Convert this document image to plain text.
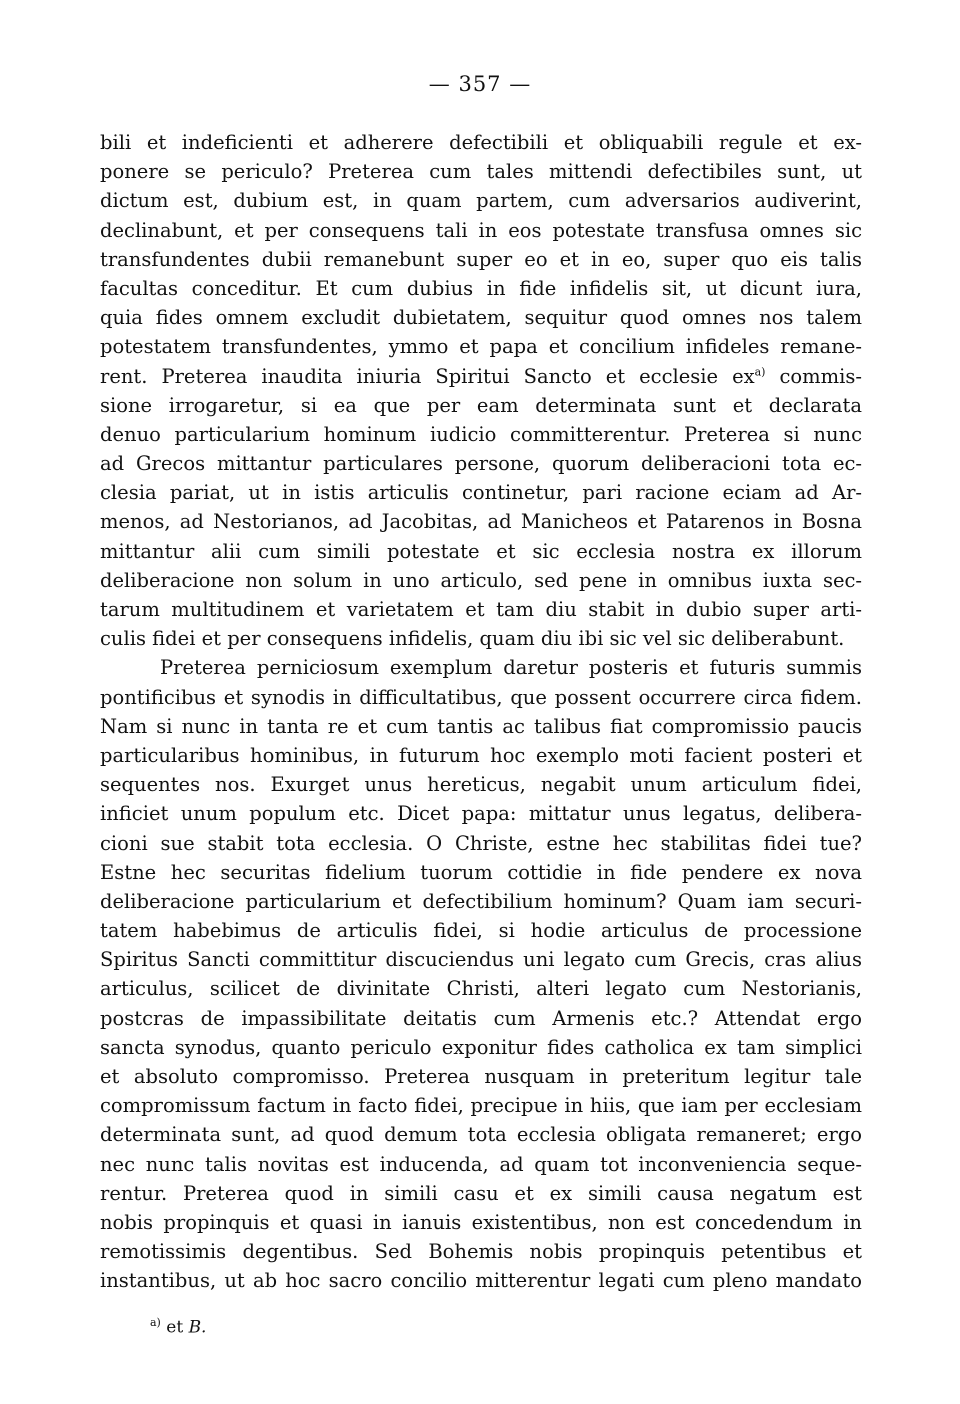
— 357 —
bili et indeficienti et adherere defectibili et obliquabili regule et ex-
ponere se periculo? Preterea cum tales mittendi defectibiles sunt, ut
dictum est, dubium est, in quam partem, cum adversarios audiverint,
declinabunt, et per consequens tali in eos potestate transfusa omnes sic
transfundentes dubii remanebunt super eo et in eo, super quo eis talis
facultas conceditur. Et cum dubius in fide infidelis sit, ut dicunt iura,
quia fides omnem excludit dubietatem, sequitur quod omnes nos talem
potestatem transfundentes, ymmo et papa et concilium infideles remane-
rent. Preterea inaudita iniuria Spiritui Sancto et ecclesie ex$^{a)}$ commis-
sione irrogaretur, si ea que per eam determinata sunt et declarata
denuo particularium hominum iudicio committerentur. Preterea si nunc
ad Grecos mittantur particulares persone, quorum deliberacioni tota ec-
clesia pariat, ut in istis articulis continetur, pari racione eciam ad Ar-
menos, ad Nestorianos, ad Jacobitas, ad Manicheos et Patarenos in Bosna
mittantur alii cum simili potestate et sic ecclesia nostra ex illorum
deliberacione non solum in uno articulo, sed pene in omnibus iuxta sec-
tarum multitudinem et varietatem et tam diu stabit in dubio super arti-
culis fidei et per consequens infidelis, quam diu ibi sic vel sic deliberabunt.
Preterea perniciosum exemplum daretur posteris et futuris summis
pontificibus et synodis in difficultatibus, que possent occurrere circa fidem.
Nam si nunc in tanta re et cum tantis ac talibus fiat compromissio paucis
particularibus hominibus, in futurum hoc exemplo moti facient posteri et
sequentes nos. Exurget unus hereticus, negabit unum articulum fidei,
inficiet unum populum etc. Dicet papa: mittatur unus legatus, delibera-
cioni sue stabit tota ecclesia. O Christe, estne hec stabilitas fidei tue?
Estne hec securitas fidelium tuorum cottidie in fide pendere ex nova
deliberacione particularium et defectibilium hominum? Quam iam securi-
tatem habebimus de articulis fidei, si hodie articulus de processione
Spiritus Sancti committitur discuciendus uni legato cum Grecis, cras alius
articulus, scilicet de divinitate Christi, alteri legato cum Nestorianis,
postcras de impassibilitate deitatis cum Armenis etc.? Attendat ergo
sancta synodus, quanto periculo exponitur fides catholica ex tam simplici
et absoluto compromisso. Preterea nusquam in preteritum legitur tale
compromissum factum in facto fidei, precipue in hiis, que iam per ecclesiam
determinata sunt, ad quod demum tota ecclesia obligata remaneret; ergo
nec nunc talis novitas est inducenda, ad quam tot inconveniencia seque-
rentur. Preterea quod in simili casu et ex simili causa negatum est
nobis propinquis et quasi in ianuis existentibus, non est concedendum in
remotissimis degentibus. Sed Bohemis nobis propinquis petentibus et
instantibus, ut ab hoc sacro concilio mitterentur legati cum pleno mandato
$^{a)}$ et B.
